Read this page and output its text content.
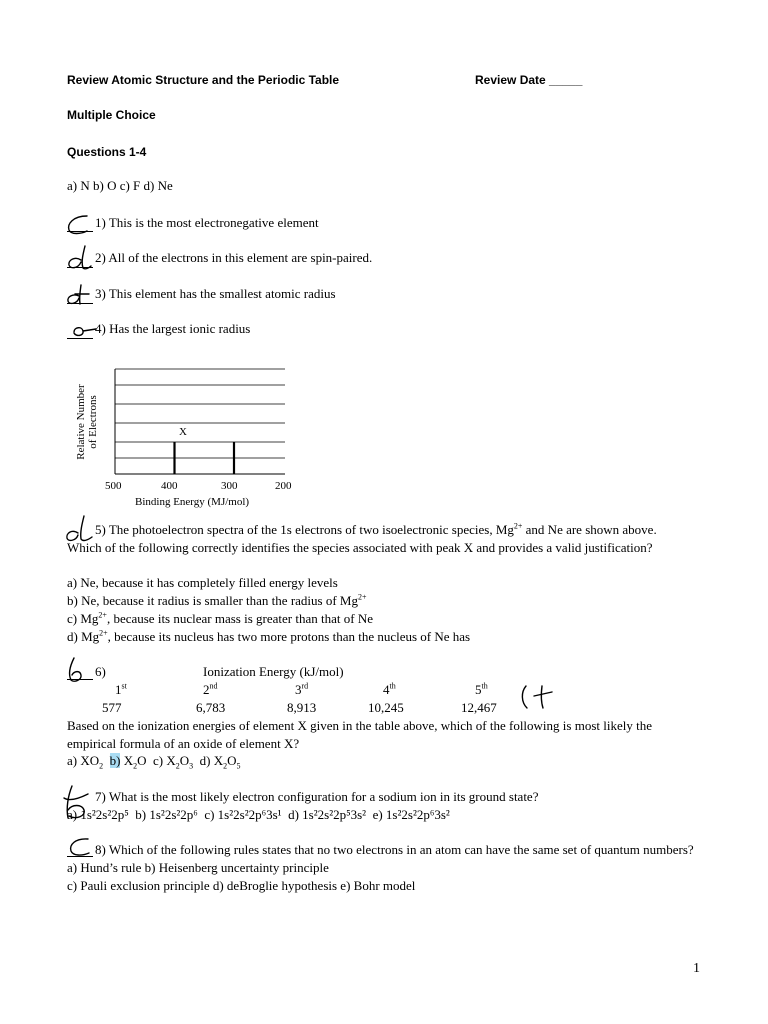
Review Atomic Structure and the Periodic Table	Review Date _____
Multiple Choice
Questions 1-4
a) N b) O c) F d) Ne
1) This is the most electronegative element
2) All of the electrons in this element are spin-paired.
3) This element has the smallest atomic radius
4) Has the largest ionic radius
Relative Number of Electrons	X
500	400	300	200
Binding Energy (MJ/mol)
5) The photoelectron spectra of the 1s electrons of two isoelectronic species, $Mg^{2+}$ and Ne are shown above. Which of the following correctly identifies the species associated with peak X and provides a valid justification?
a) Ne, because it has completely filled energy levels
b) Ne, because it radius is smaller than the radius of $Mg^{2+}$
c) $Mg^{2+}$, because its nuclear mass is greater than that of Ne
d) $Mg^{2+}$, because its nucleus has two more protons than the nucleus of Ne has
6)	Ionization Energy (kJ/mol)
1st	2nd	3rd	4th	5th
577	6,783	8,913	10,245	12,467
Based on the ionization energies of element X given in the table above, which of the following is most likely the empirical formula of an oxide of element X?
a) $XO_2$ b) $X_2O$ c) $X_2O_3$ d) $X_2O_5$
7) What is the most likely electron configuration for a sodium ion in its ground state?
a) 1s²2s²2p⁵ b) 1s²2s²2p⁶ c) 1s²2s²2p⁶3s¹ d) 1s²2s²2p⁵3s² e) 1s²2s²2p⁶3s²
8) Which of the following rules states that no two electrons in an atom can have the same set of quantum numbers? a) Hund’s rule b) Heisenberg uncertainty principle
c) Pauli exclusion principle d) deBroglie hypothesis e) Bohr model
1
